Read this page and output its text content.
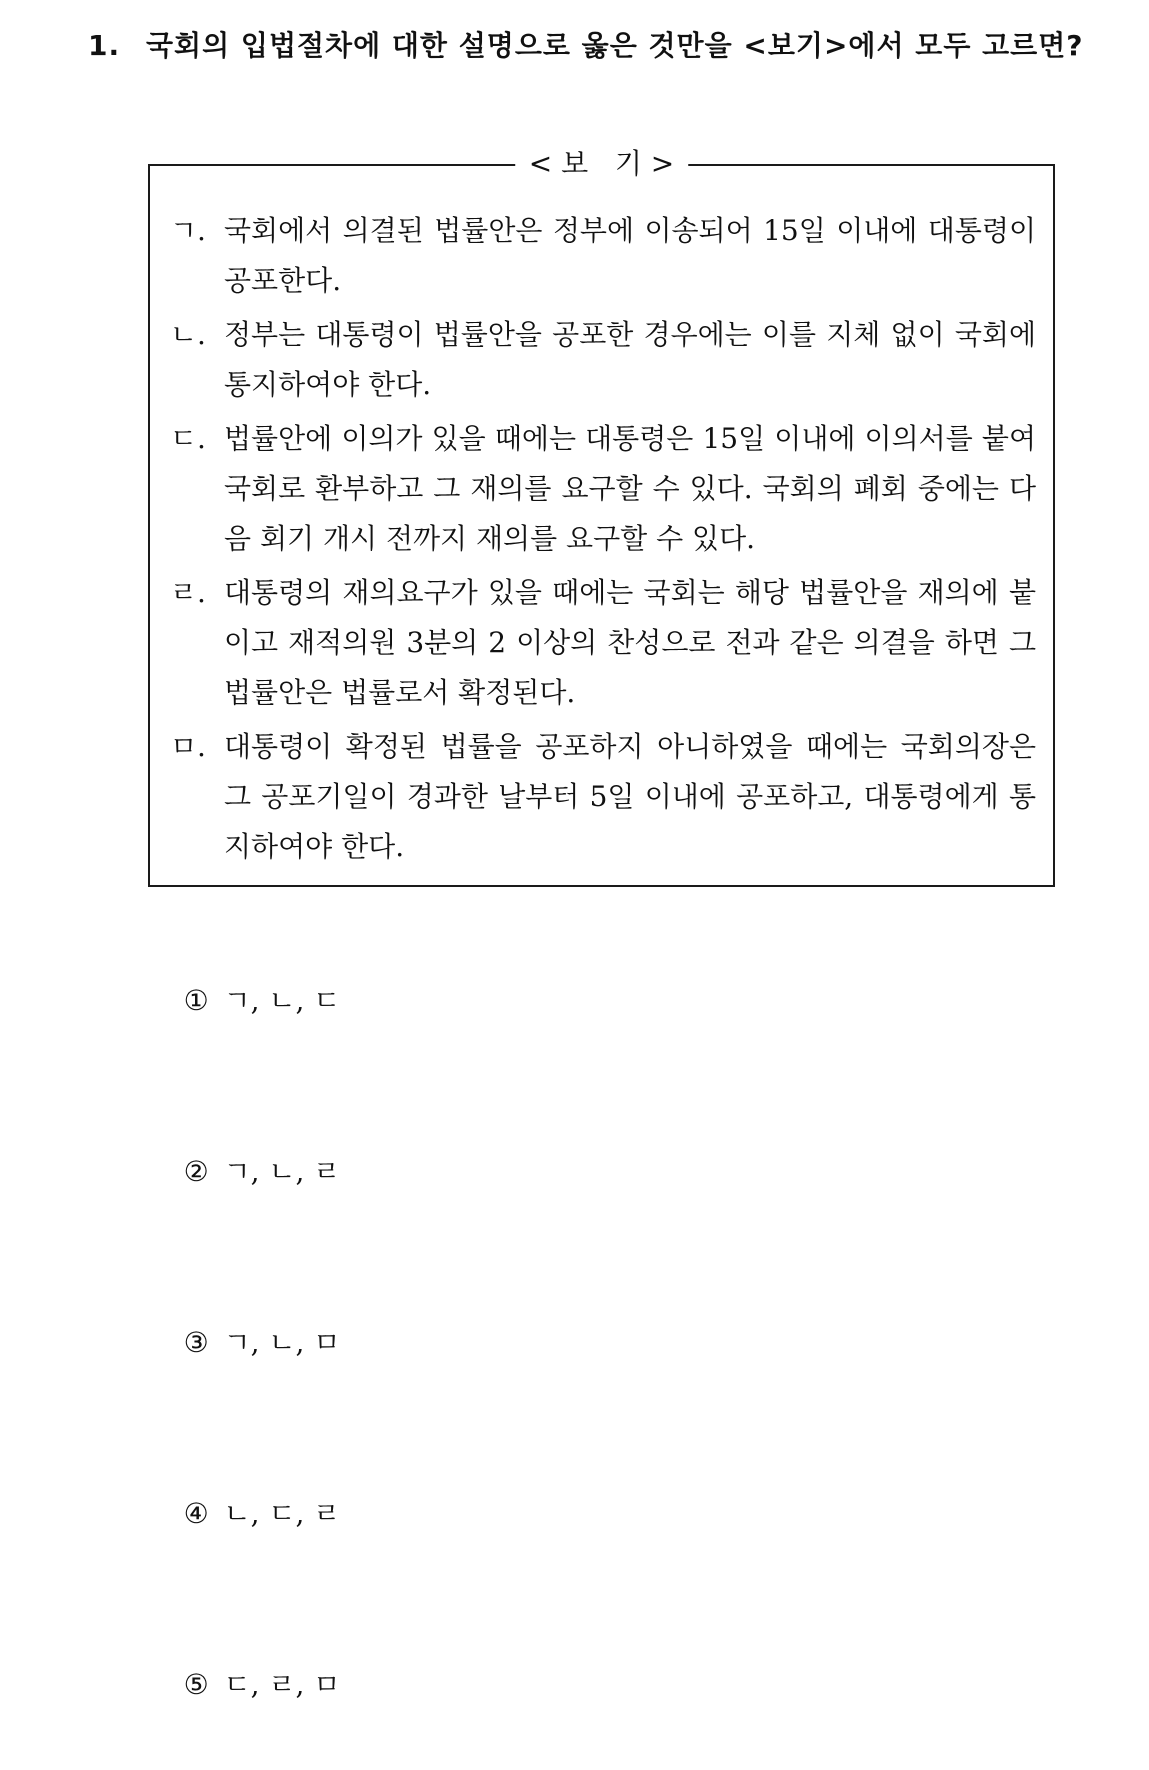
1. 국회의 입법절차에 대한 설명으로 옳은 것만을 <보기>에서 모두 고르면?
< 보   기 >
ㄱ. 국회에서 의결된 법률안은 정부에 이송되어 15일 이내에 대통령이 공포한다.
ㄴ. 정부는 대통령이 법률안을 공포한 경우에는 이를 지체 없이 국회에 통지하여야 한다.
ㄷ. 법률안에 이의가 있을 때에는 대통령은 15일 이내에 이의서를 붙여 국회로 환부하고 그 재의를 요구할 수 있다. 국회의 폐회 중에는 다음 회기 개시 전까지 재의를 요구할 수 있다.
ㄹ. 대통령의 재의요구가 있을 때에는 국회는 해당 법률안을 재의에 붙이고 재적의원 3분의 2 이상의 찬성으로 전과 같은 의결을 하면 그 법률안은 법률로서 확정된다.
ㅁ. 대통령이 확정된 법률을 공포하지 아니하였을 때에는 국회의장은 그 공포기일이 경과한 날부터 5일 이내에 공포하고, 대통령에게 통지하여야 한다.

① ㄱ, ㄴ, ㄷ

② ㄱ, ㄴ, ㄹ

③ ㄱ, ㄴ, ㅁ

④ ㄴ, ㄷ, ㄹ

⑤ ㄷ, ㄹ, ㅁ
